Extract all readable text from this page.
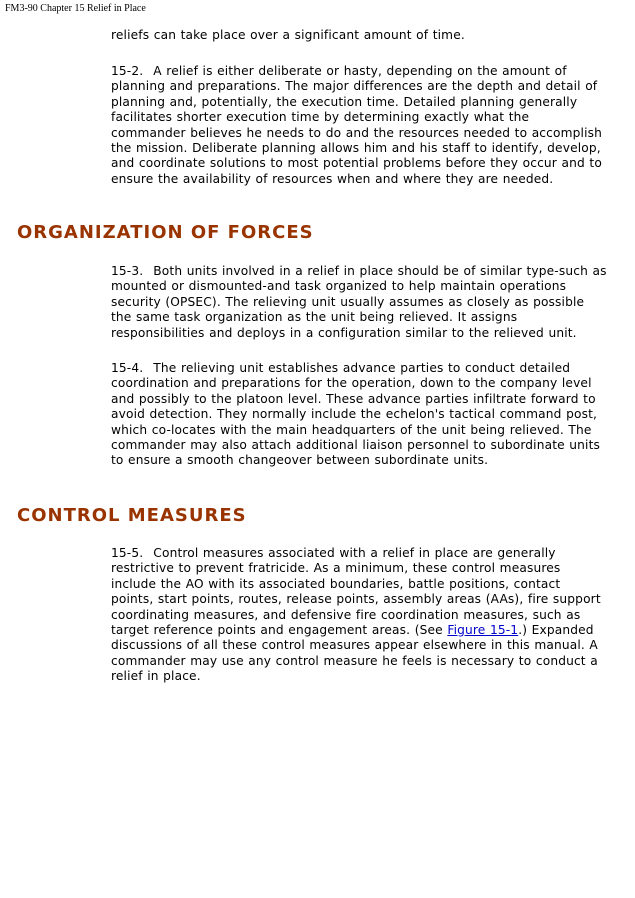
FM3-90 Chapter 15 Relief in Place
reliefs can take place over a significant amount of time.
15-2. A relief is either deliberate or hasty, depending on the amount of planning and preparations. The major differences are the depth and detail of planning and, potentially, the execution time. Detailed planning generally facilitates shorter execution time by determining exactly what the commander believes he needs to do and the resources needed to accomplish the mission. Deliberate planning allows him and his staff to identify, develop, and coordinate solutions to most potential problems before they occur and to ensure the availability of resources when and where they are needed.
ORGANIZATION OF FORCES
15-3. Both units involved in a relief in place should be of similar type-such as mounted or dismounted-and task organized to help maintain operations security (OPSEC). The relieving unit usually assumes as closely as possible the same task organization as the unit being relieved. It assigns responsibilities and deploys in a configuration similar to the relieved unit.
15-4. The relieving unit establishes advance parties to conduct detailed coordination and preparations for the operation, down to the company level and possibly to the platoon level. These advance parties infiltrate forward to avoid detection. They normally include the echelon's tactical command post, which co-locates with the main headquarters of the unit being relieved. The commander may also attach additional liaison personnel to subordinate units to ensure a smooth changeover between subordinate units.
CONTROL MEASURES
15-5. Control measures associated with a relief in place are generally restrictive to prevent fratricide. As a minimum, these control measures include the AO with its associated boundaries, battle positions, contact points, start points, routes, release points, assembly areas (AAs), fire support coordinating measures, and defensive fire coordination measures, such as target reference points and engagement areas. (See Figure 15-1.) Expanded discussions of all these control measures appear elsewhere in this manual. A commander may use any control measure he feels is necessary to conduct a relief in place.
